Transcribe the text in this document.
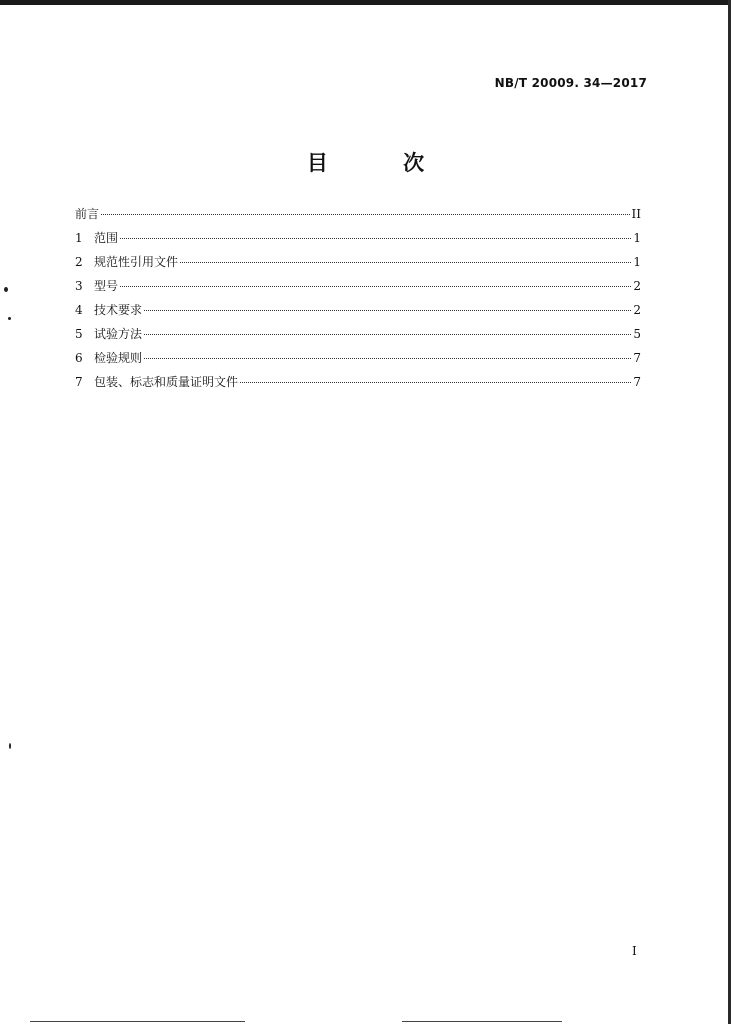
NB/T 20009. 34—2017
目 次
前言	II
1 范围	1
2 规范性引用文件	1
3 型号	2
4 技术要求	2
5 试验方法	5
6 检验规则	7
7 包装、标志和质量证明文件	7
I
